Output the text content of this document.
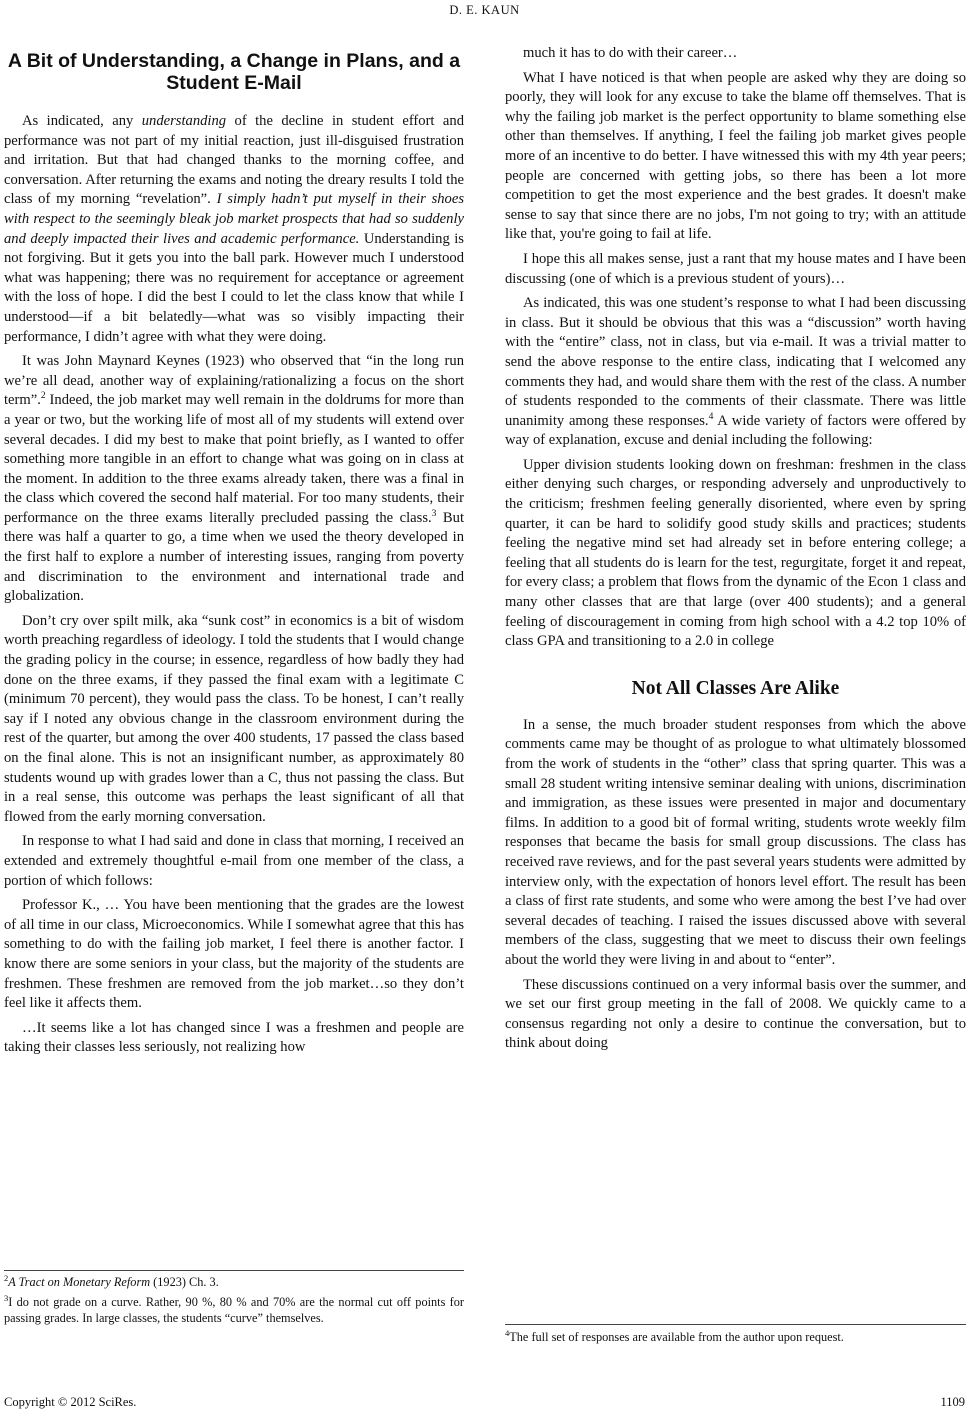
D. E. KAUN
A Bit of Understanding, a Change in Plans, and a Student E-Mail

As indicated, any understanding of the decline in student effort and performance was not part of my initial reaction, just ill-disguised frustration and irritation. But that had changed thanks to the morning coffee, and conversation. After returning the exams and noting the dreary results I told the class of my morning “revelation”. I simply hadn’t put myself in their shoes with respect to the seemingly bleak job market prospects that had so suddenly and deeply impacted their lives and academic performance. Understanding is not forgiving. But it gets you into the ball park. However much I understood what was happening; there was no requirement for acceptance or agreement with the loss of hope. I did the best I could to let the class know that while I understood—if a bit belatedly—what was so visibly impacting their performance, I didn’t agree with what they were doing.

It was John Maynard Keynes (1923) who observed that “in the long run we’re all dead, another way of explaining/rationalizing a focus on the short term”.$^2$ Indeed, the job market may well remain in the doldrums for more than a year or two, but the working life of most all of my students will extend over several decades. I did my best to make that point briefly, as I wanted to offer something more tangible in an effort to change what was going on in class at the moment. In addition to the three exams already taken, there was a final in the class which covered the second half material. For too many students, their performance on the three exams literally precluded passing the class.$^3$ But there was half a quarter to go, a time when we used the theory developed in the first half to explore a number of interesting issues, ranging from poverty and discrimination to the environment and international trade and globalization.

Don’t cry over spilt milk, aka “sunk cost” in economics is a bit of wisdom worth preaching regardless of ideology. I told the students that I would change the grading policy in the course; in essence, regardless of how badly they had done on the three exams, if they passed the final exam with a legitimate C (minimum 70 percent), they would pass the class. To be honest, I can’t really say if I noted any obvious change in the classroom environment during the rest of the quarter, but among the over 400 students, 17 passed the class based on the final alone. This is not an insignificant number, as approximately 80 students wound up with grades lower than a C, thus not passing the class. But in a real sense, this outcome was perhaps the least significant of all that flowed from the early morning conversation.

In response to what I had said and done in class that morning, I received an extended and extremely thoughtful e-mail from one member of the class, a portion of which follows:

Professor K., … You have been mentioning that the grades are the lowest of all time in our class, Microeconomics. While I somewhat agree that this has something to do with the failing job market, I feel there is another factor. I know there are some seniors in your class, but the majority of the students are freshmen. These freshmen are removed from the job market…so they don’t feel like it affects them.

…It seems like a lot has changed since I was a freshmen and people are taking their classes less seriously, not realizing how

much it has to do with their career…

What I have noticed is that when people are asked why they are doing so poorly, they will look for any excuse to take the blame off themselves. That is why the failing job market is the perfect opportunity to blame something else other than themselves. If anything, I feel the failing job market gives people more of an incentive to do better. I have witnessed this with my 4th year peers; people are concerned with getting jobs, so there has been a lot more competition to get the most experience and the best grades. It doesn't make sense to say that since there are no jobs, I'm not going to try; with an attitude like that, you're going to fail at life.

I hope this all makes sense, just a rant that my house mates and I have been discussing (one of which is a previous student of yours)…

As indicated, this was one student’s response to what I had been discussing in class. But it should be obvious that this was a “discussion” worth having with the “entire” class, not in class, but via e-mail. It was a trivial matter to send the above response to the entire class, indicating that I welcomed any comments they had, and would share them with the rest of the class. A number of students responded to the comments of their classmate. There was little unanimity among these responses.$^4$ A wide variety of factors were offered by way of explanation, excuse and denial including the following:

Upper division students looking down on freshman: freshmen in the class either denying such charges, or responding adversely and unproductively to the criticism; freshmen feeling generally disoriented, where even by spring quarter, it can be hard to solidify good study skills and practices; students feeling the negative mind set had already set in before entering college; a feeling that all students do is learn for the test, regurgitate, forget it and repeat, for every class; a problem that flows from the dynamic of the Econ 1 class and many other classes that are that large (over 400 students); and a general feeling of discouragement in coming from high school with a 4.2 top 10% of class GPA and transitioning to a 2.0 in college

Not All Classes Are Alike

In a sense, the much broader student responses from which the above comments came may be thought of as prologue to what ultimately blossomed from the work of students in the “other” class that spring quarter. This was a small 28 student writing intensive seminar dealing with unions, discrimination and immigration, as these issues were presented in major and documentary films. In addition to a good bit of formal writing, students wrote weekly film responses that became the basis for small group discussions. The class has received rave reviews, and for the past several years students were admitted by interview only, with the expectation of honors level effort. The result has been a class of first rate students, and some who were among the best I’ve had over several decades of teaching. I raised the issues discussed above with several members of the class, suggesting that we meet to discuss their own feelings about the world they were living in and about to “enter”.

These discussions continued on a very informal basis over the summer, and we set our first group meeting in the fall of 2008. We quickly came to a consensus regarding not only a desire to continue the conversation, but to think about doing

$^2$A Tract on Monetary Reform (1923) Ch. 3.
$^3$I do not grade on a curve. Rather, 90 %, 80 % and 70% are the normal cut off points for passing grades. In large classes, the students “curve” themselves.
$^4$The full set of responses are available from the author upon request.
Copyright © 2012 SciRes.	1109
